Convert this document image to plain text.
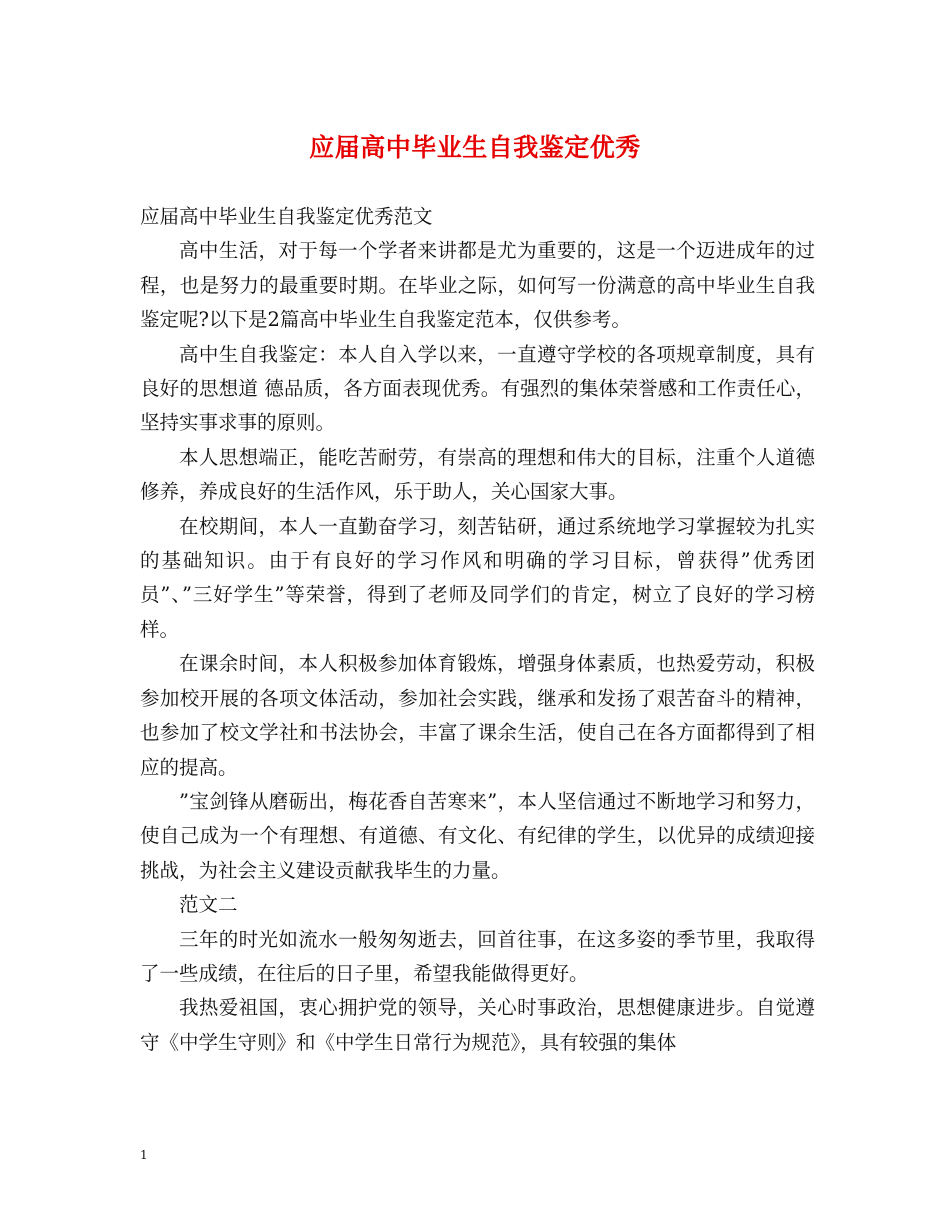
应届高中毕业生自我鉴定优秀

应届高中毕业生自我鉴定优秀范文

高中生活，对于每一个学者来讲都是尤为重要的，这是一个迈进成年的过程，也是努力的最重要时期。在毕业之际，如何写一份满意的高中毕业生自我鉴定呢?以下是2篇高中毕业生自我鉴定范本，仅供参考。

高中生自我鉴定：本人自入学以来，一直遵守学校的各项规章制度，具有良好的思想道 德品质，各方面表现优秀。有强烈的集体荣誉感和工作责任心，坚持实事求事的原则。

本人思想端正，能吃苦耐劳，有崇高的理想和伟大的目标，注重个人道德修养，养成良好的生活作风，乐于助人，关心国家大事。

在校期间，本人一直勤奋学习，刻苦钻研，通过系统地学习掌握较为扎实的基础知识。由于有良好的学习作风和明确的学习目标，曾获得”优秀团员”、”三好学生”等荣誉，得到了老师及同学们的肯定，树立了良好的学习榜样。

在课余时间，本人积极参加体育锻炼，增强身体素质，也热爱劳动，积极参加校开展的各项文体活动，参加社会实践，继承和发扬了艰苦奋斗的精神，也参加了校文学社和书法协会，丰富了课余生活，使自己在各方面都得到了相应的提高。

”宝剑锋从磨砺出，梅花香自苦寒来”，本人坚信通过不断地学习和努力，使自己成为一个有理想、有道德、有文化、有纪律的学生，以优异的成绩迎接挑战，为社会主义建设贡献我毕生的力量。

范文二

三年的时光如流水一般匆匆逝去，回首往事，在这多姿的季节里，我取得了一些成绩，在往后的日子里，希望我能做得更好。

我热爱祖国，衷心拥护党的领导，关心时事政治，思想健康进步。自觉遵守《中学生守则》和《中学生日常行为规范》，具有较强的集体

1
